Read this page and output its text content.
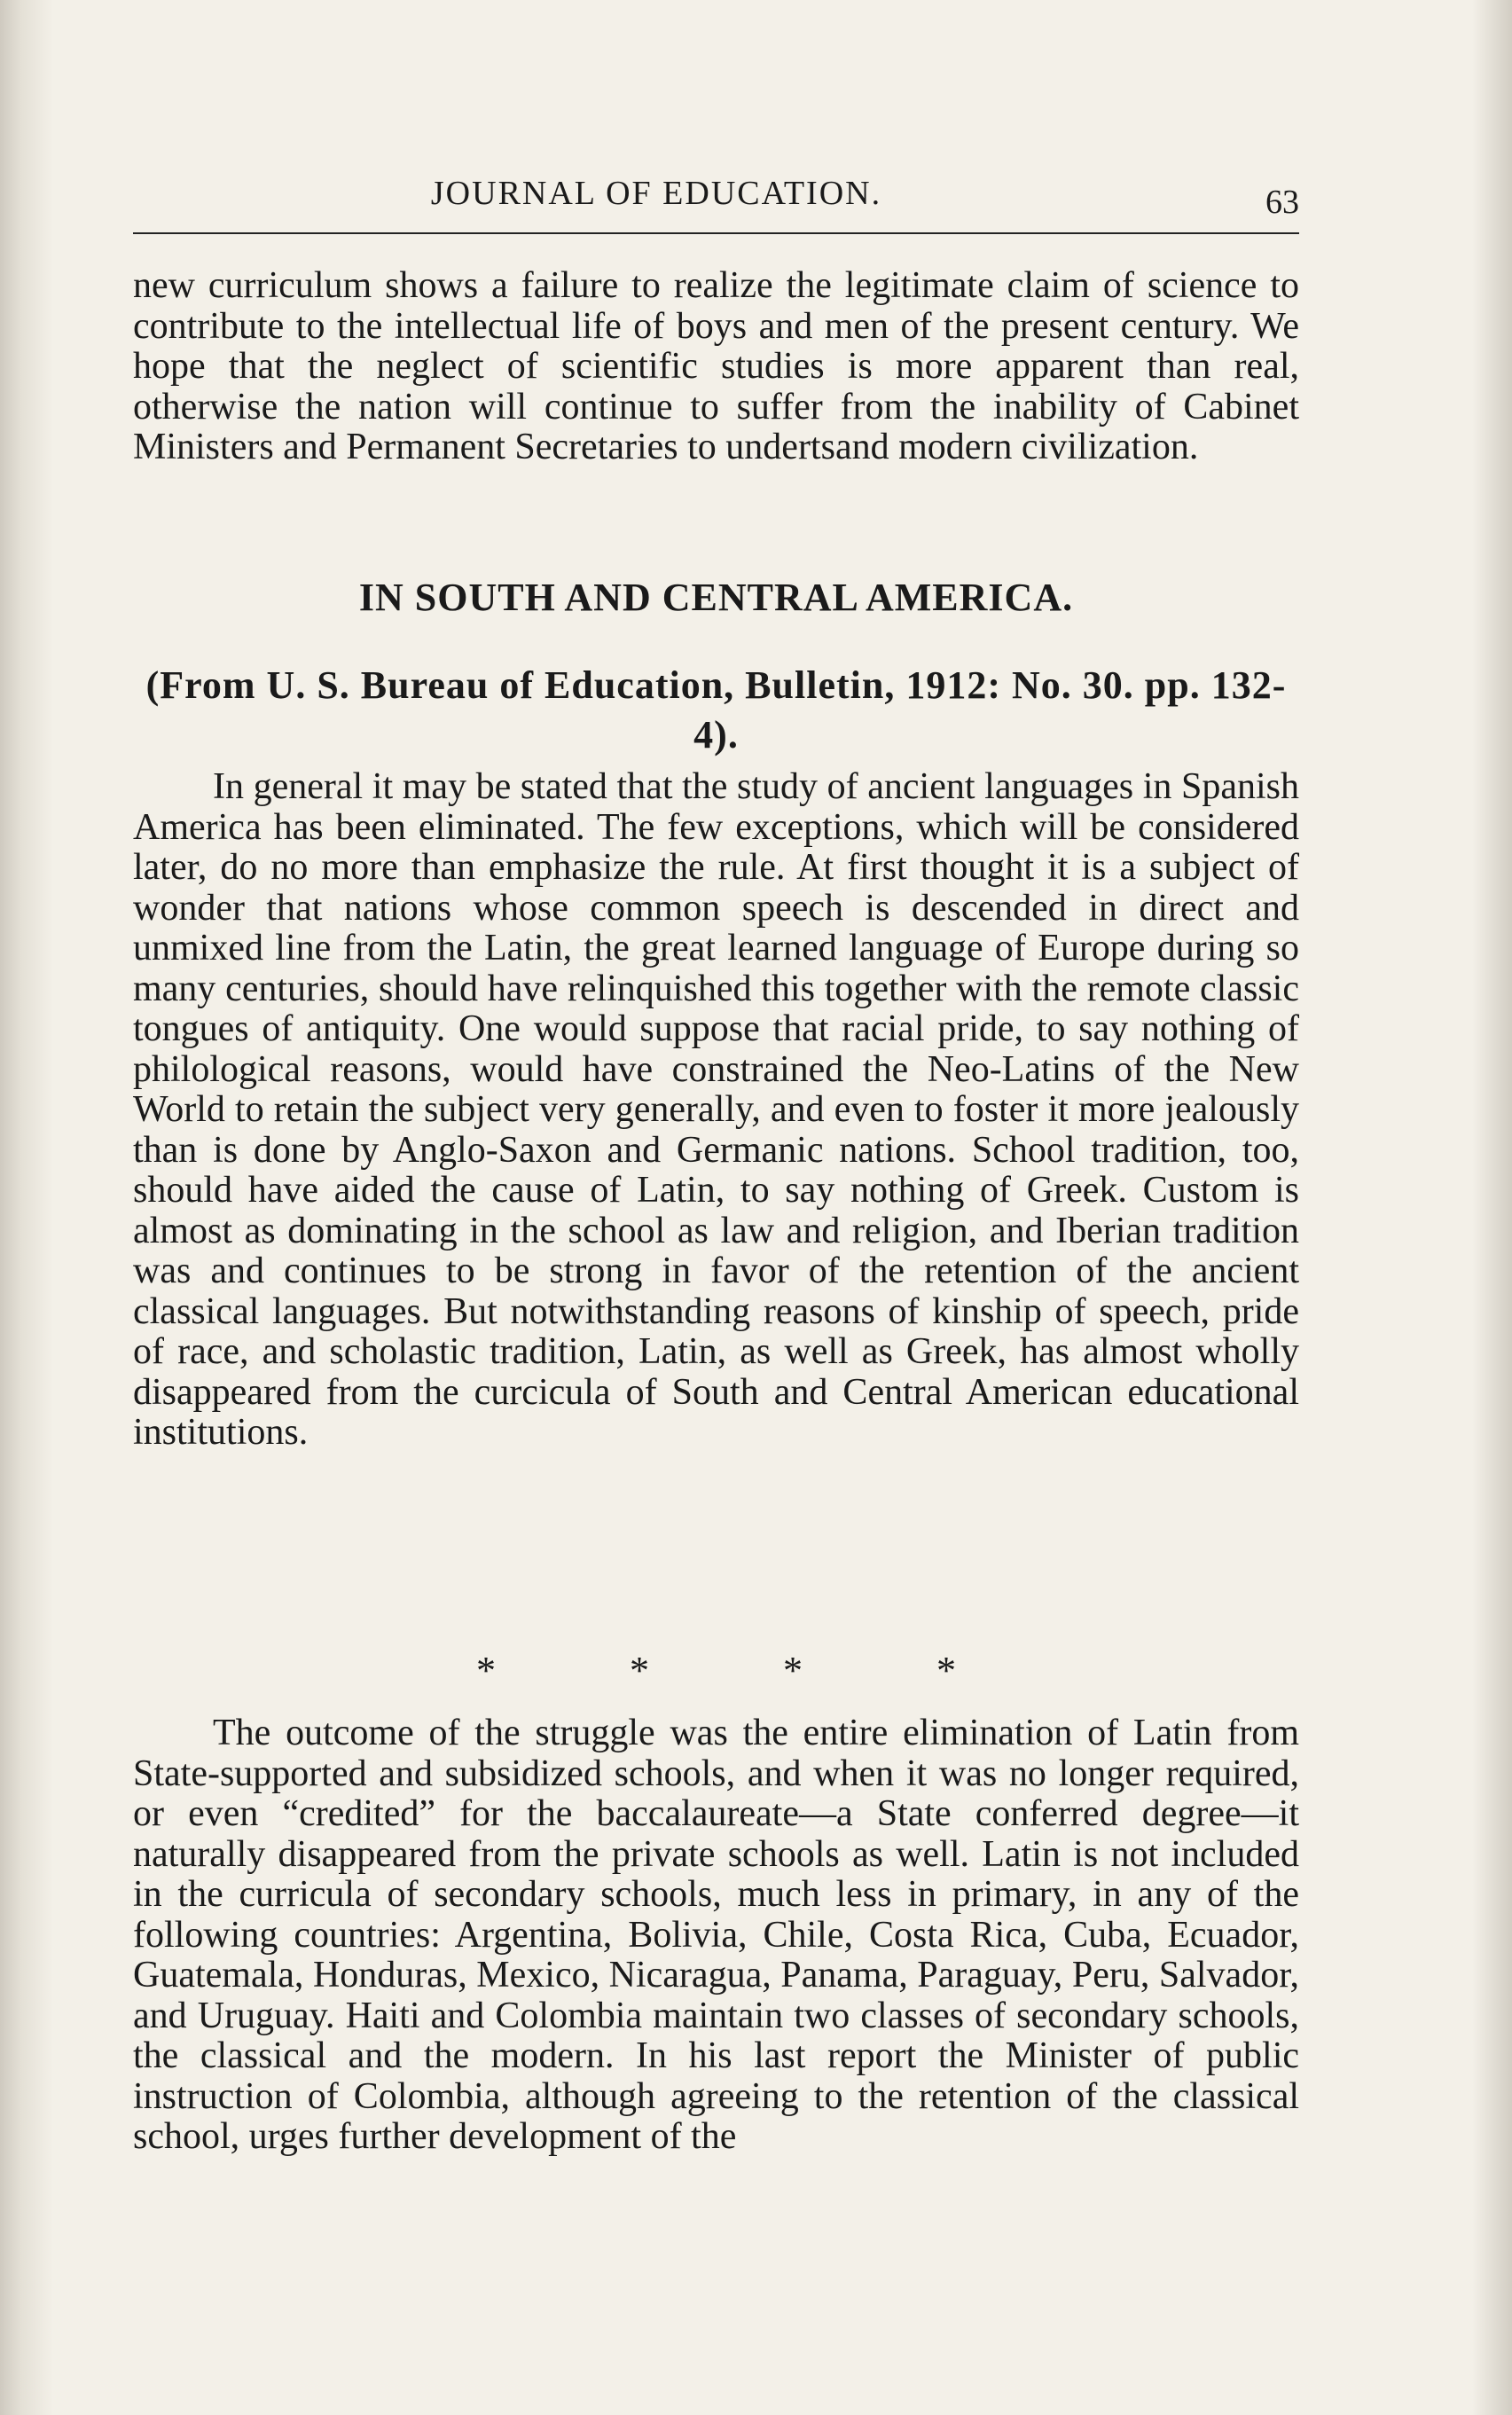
JOURNAL OF EDUCATION.	63

new curriculum shows a failure to realize the legitimate claim of science to contribute to the intellectual life of boys and men of the present century. We hope that the neglect of scientific studies is more apparent than real, otherwise the nation will continue to suffer from the inability of Cabinet Ministers and Permanent Secretaries to undertsand modern civilization.

IN SOUTH AND CENTRAL AMERICA.
(From U. S. Bureau of Education, Bulletin, 1912: No. 30. pp. 132-4).

In general it may be stated that the study of ancient languages in Spanish America has been eliminated. The few exceptions, which will be considered later, do no more than emphasize the rule. At first thought it is a subject of wonder that nations whose common speech is descended in direct and unmixed line from the Latin, the great learned language of Europe during so many centuries, should have relinquished this together with the remote classic tongues of antiquity. One would suppose that racial pride, to say nothing of philological reasons, would have constrained the Neo-Latins of the New World to retain the subject very generally, and even to foster it more jealously than is done by Anglo-Saxon and Germanic nations. School tradition, too, should have aided the cause of Latin, to say nothing of Greek. Custom is almost as dominating in the school as law and religion, and Iberian tradition was and continues to be strong in favor of the retention of the ancient classical languages. But notwithstanding reasons of kinship of speech, pride of race, and scholastic tradition, Latin, as well as Greek, has almost wholly disappeared from the curcicula of South and Central American educational institutions.

* * * *

The outcome of the struggle was the entire elimination of Latin from State-supported and subsidized schools, and when it was no longer required, or even “credited” for the baccalaureate—a State conferred degree—it naturally disappeared from the private schools as well. Latin is not included in the curricula of secondary schools, much less in primary, in any of the following countries: Argentina, Bolivia, Chile, Costa Rica, Cuba, Ecuador, Guatemala, Honduras, Mexico, Nicaragua, Panama, Paraguay, Peru, Salvador, and Uruguay. Haiti and Colombia maintain two classes of secondary schools, the classical and the modern. In his last report the Minister of public instruction of Colombia, although agreeing to the retention of the classical school, urges further development of the
